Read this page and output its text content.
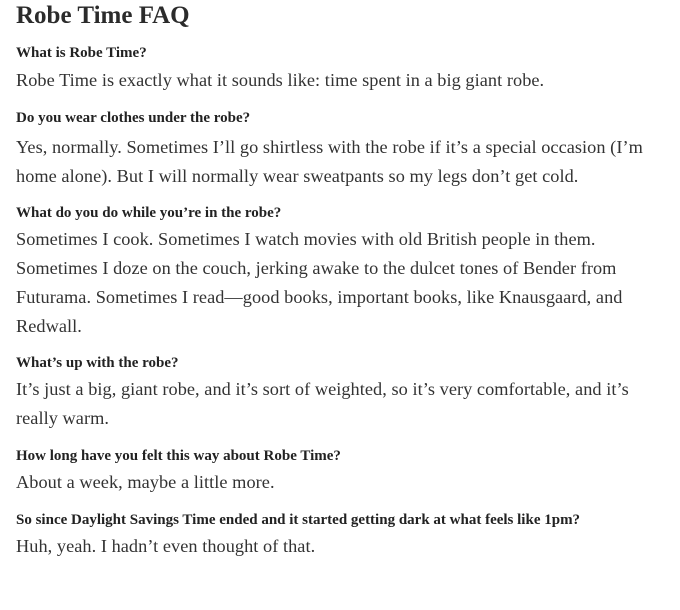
Robe Time FAQ

What is Robe Time?

Robe Time is exactly what it sounds like: time spent in a big giant robe.

Do you wear clothes under the robe?

Yes, normally. Sometimes I’ll go shirtless with the robe if it’s a special occasion (I’m home alone). But I will normally wear sweatpants so my legs don’t get cold.

What do you do while you’re in the robe?

Sometimes I cook. Sometimes I watch movies with old British people in them. Sometimes I doze on the couch, jerking awake to the dulcet tones of Bender from Futurama. Sometimes I read—good books, important books, like Knausgaard, and Redwall.

What’s up with the robe?

It’s just a big, giant robe, and it’s sort of weighted, so it’s very comfortable, and it’s really warm.

How long have you felt this way about Robe Time?

About a week, maybe a little more.

So since Daylight Savings Time ended and it started getting dark at what feels like 1pm?

Huh, yeah. I hadn’t even thought of that.
